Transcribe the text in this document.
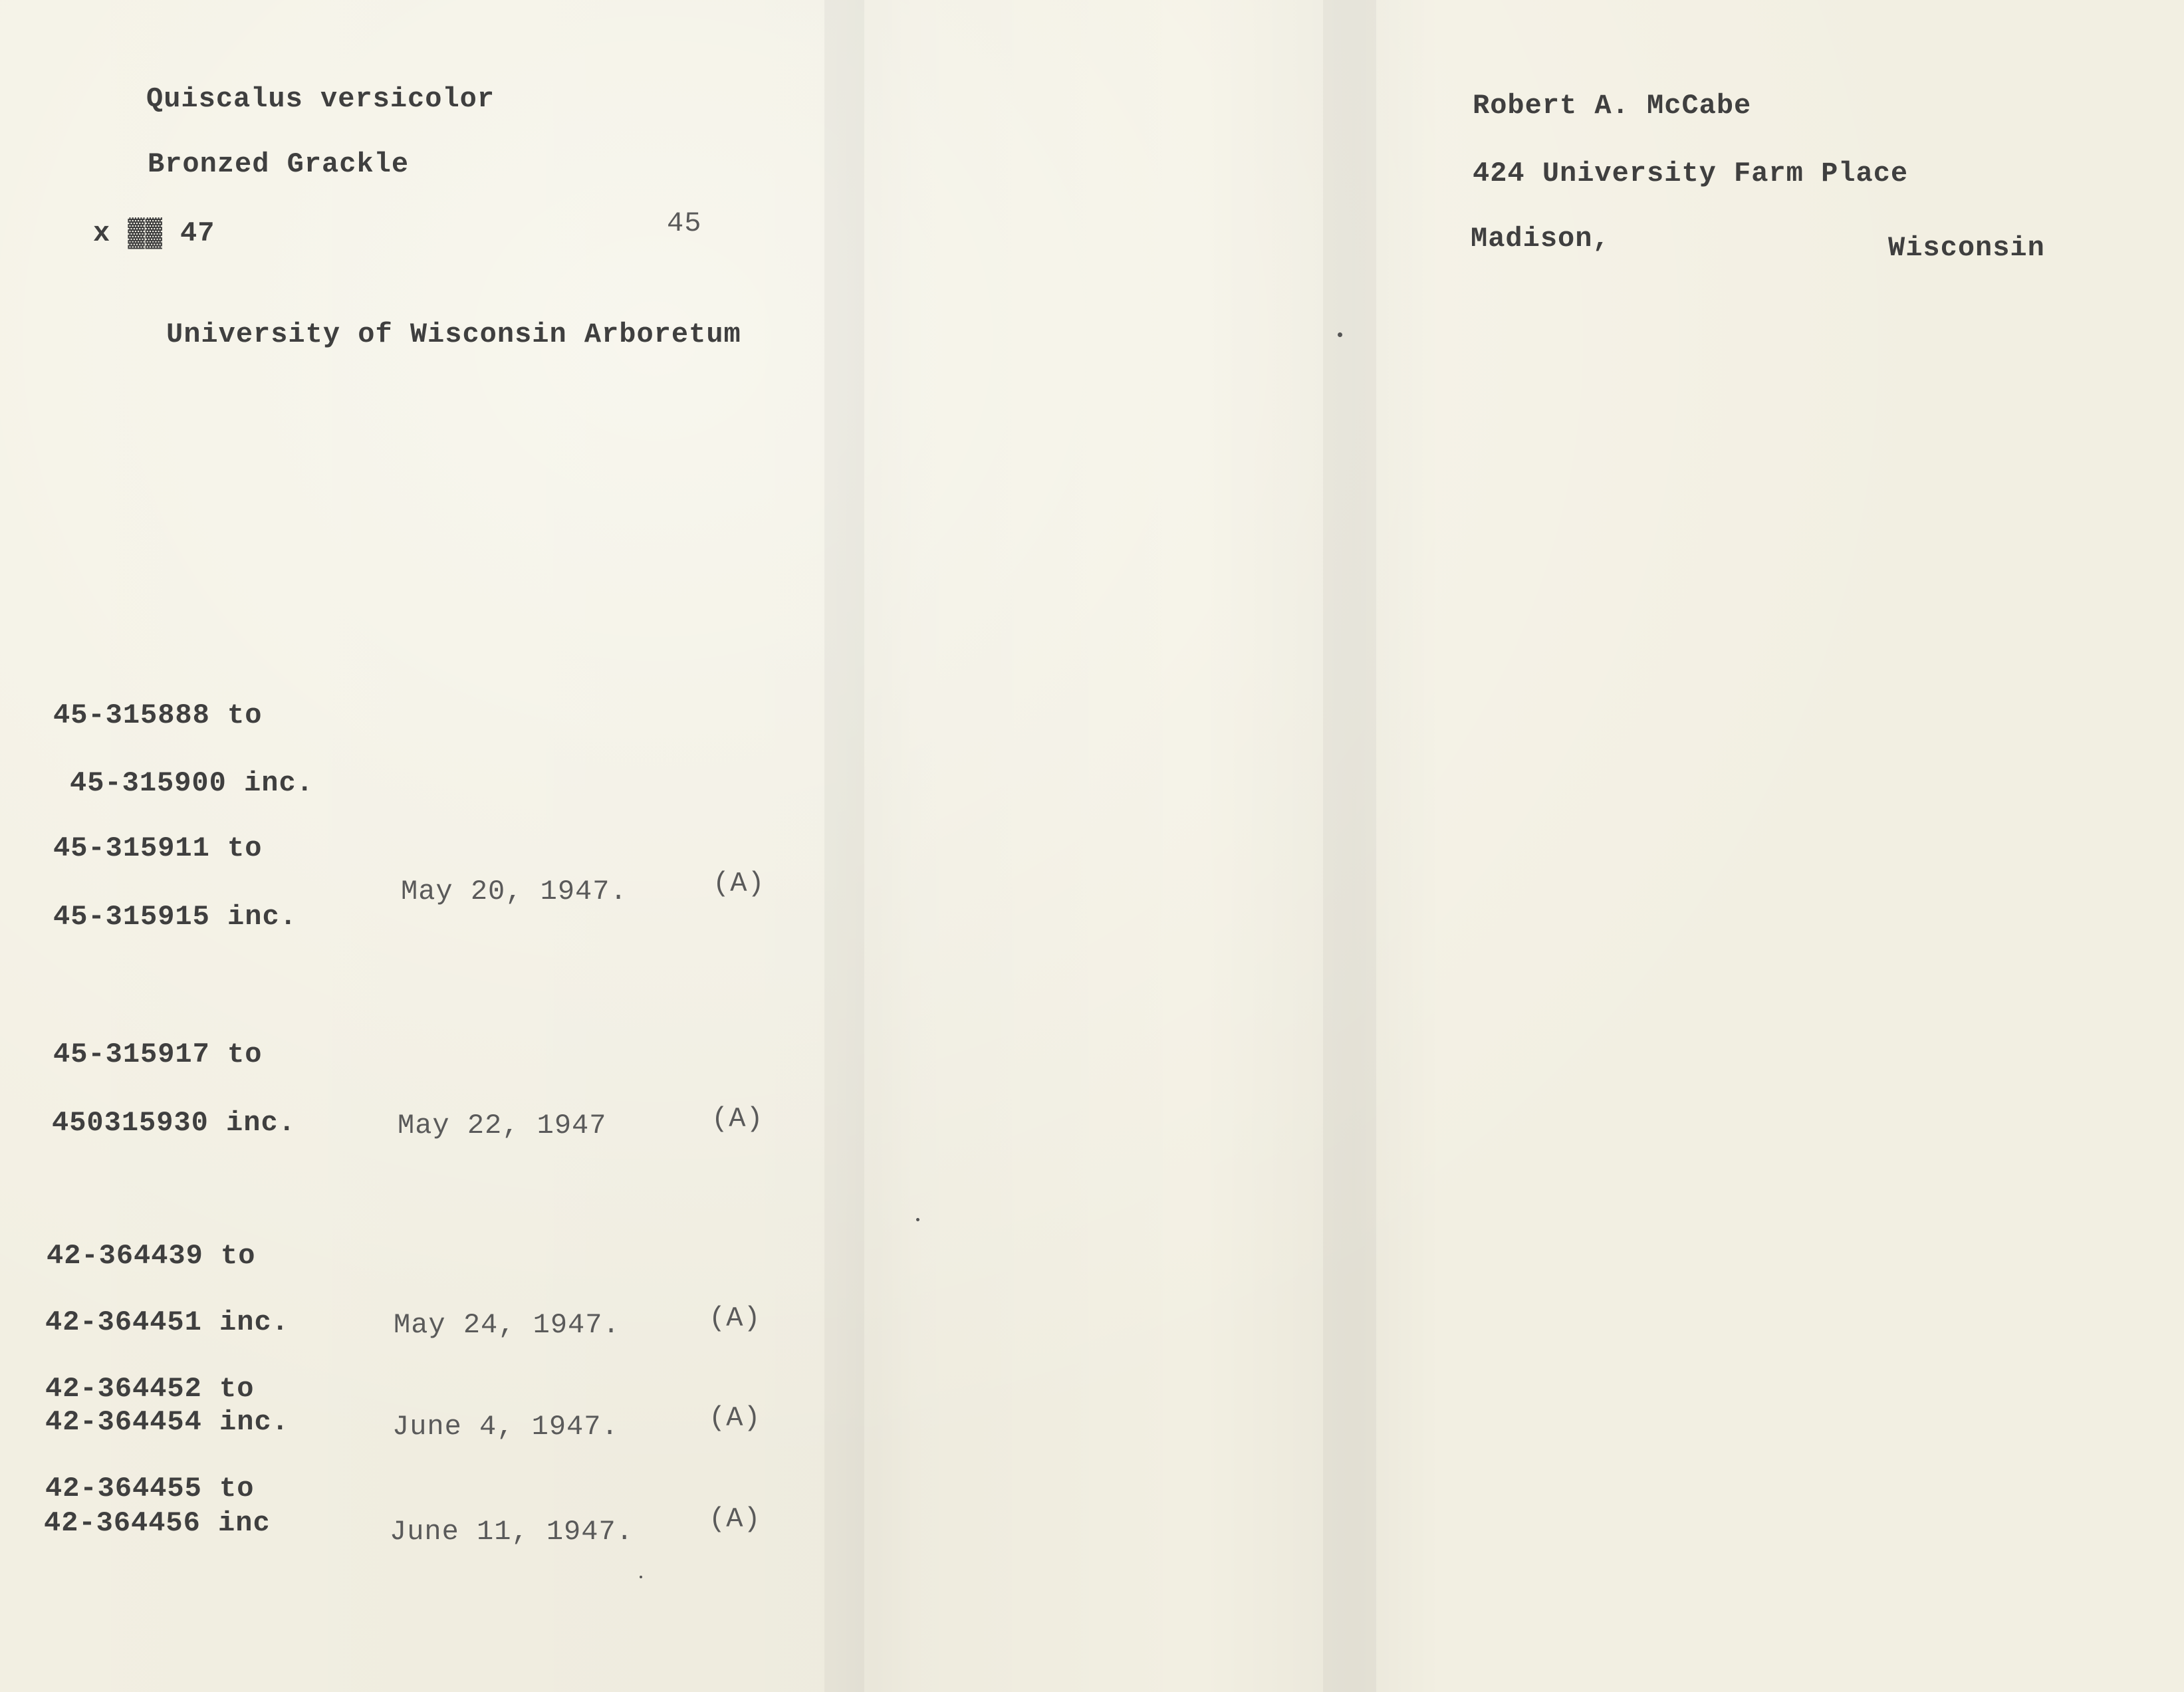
Quiscalus versicolor
Bronzed Grackle
x ▓▓ 47	45
University of Wisconsin Arboretum
Robert A. McCabe
424 University Farm Place
Madison,	Wisconsin
45-315888 to
45-315900 inc.
45-315911 to
45-315915 inc.
May 20, 1947.	(A)
45-315917 to
450315930 inc.	May 22, 1947	(A)
42-364439 to
42-364451 inc.	May 24, 1947.	(A)
42-364452 to
42-364454 inc.	June 4, 1947.	(A)
42-364455 to
42-364456 inc	June 11, 1947.	(A)
